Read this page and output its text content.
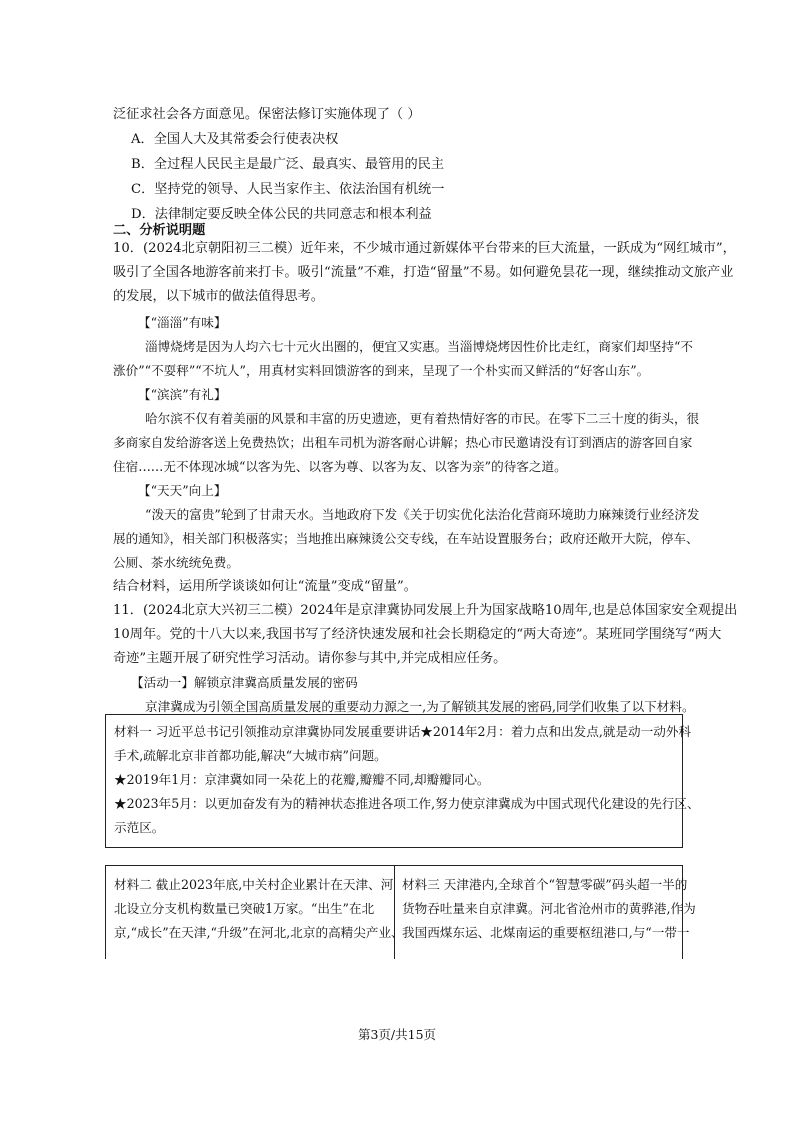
泛征求社会各方面意见。保密法修订实施体现了（ ）
A．全国人大及其常委会行使表决权
B．全过程人民民主是最广泛、最真实、最管用的民主
C．坚持党的领导、人民当家作主、依法治国有机统一
D．法律制定要反映全体公民的共同意志和根本利益
二、分析说明题
10．(2024北京朝阳初三二模）近年来，不少城市通过新媒体平台带来的巨大流量，一跃成为“网红城市”，
吸引了全国各地游客前来打卡。吸引“流量”不难，打造“留量”不易。如何避免昙花一现，继续推动文旅产业
的发展，以下城市的做法值得思考。
【“淄淄”有味】
淄博烧烤是因为人均六七十元火出圈的，便宜又实惠。当淄博烧烤因性价比走红，商家们却坚持“不
涨价”“不耍秤”“不坑人”，用真材实料回馈游客的到来，呈现了一个朴实而又鲜活的“好客山东”。
【“滨滨”有礼】
哈尔滨不仅有着美丽的风景和丰富的历史遗迹，更有着热情好客的市民。在零下二三十度的街头，很
多商家自发给游客送上免费热饮；出租车司机为游客耐心讲解；热心市民邀请没有订到酒店的游客回自家
住宿……无不体现冰城“以客为先、以客为尊、以客为友、以客为亲”的待客之道。
【“天天”向上】
“泼天的富贵”轮到了甘肃天水。当地政府下发《关于切实优化法治化营商环境助力麻辣烫行业经济发
展的通知》，相关部门积极落实；当地推出麻辣烫公交专线，在车站设置服务台；政府还敞开大院，停车、
公厕、茶水统统免费。
结合材料，运用所学谈谈如何让“流量”变成“留量”。
11．(2024北京大兴初三二模）2024年是京津冀协同发展上升为国家战略10周年,也是总体国家安全观提出
10周年。党的十八大以来,我国书写了经济快速发展和社会长期稳定的“两大奇迹”。某班同学围绕写“两大
奇迹”主题开展了研究性学习活动。请你参与其中,并完成相应任务。
【活动一】解锁京津冀高质量发展的密码
京津冀成为引领全国高质量发展的重要动力源之一,为了解锁其发展的密码,同学们收集了以下材料。
材料一 习近平总书记引领推动京津冀协同发展重要讲话★2014年2月：着力点和出发点,就是动一动外科
手术,疏解北京非首都功能,解决“大城市病”问题。
★2019年1月：京津冀如同一朵花上的花瓣,瓣瓣不同,却瓣瓣同心。
★2023年5月：以更加奋发有为的精神状态推进各项工作,努力使京津冀成为中国式现代化建设的先行区、
示范区。
材料二 截止2023年底,中关村企业累计在天津、河
北设立分支机构数量已突破1万家。“出生”在北
京,“成长”在天津,“升级”在河北,北京的高精尖产业、
材料三 天津港内,全球首个“智慧零碳”码头超一半的
货物吞吐量来自京津冀。河北省沧州市的黄骅港,作为
我国西煤东运、北煤南运的重要枢纽港口,与“一带一
第3页/共15页
